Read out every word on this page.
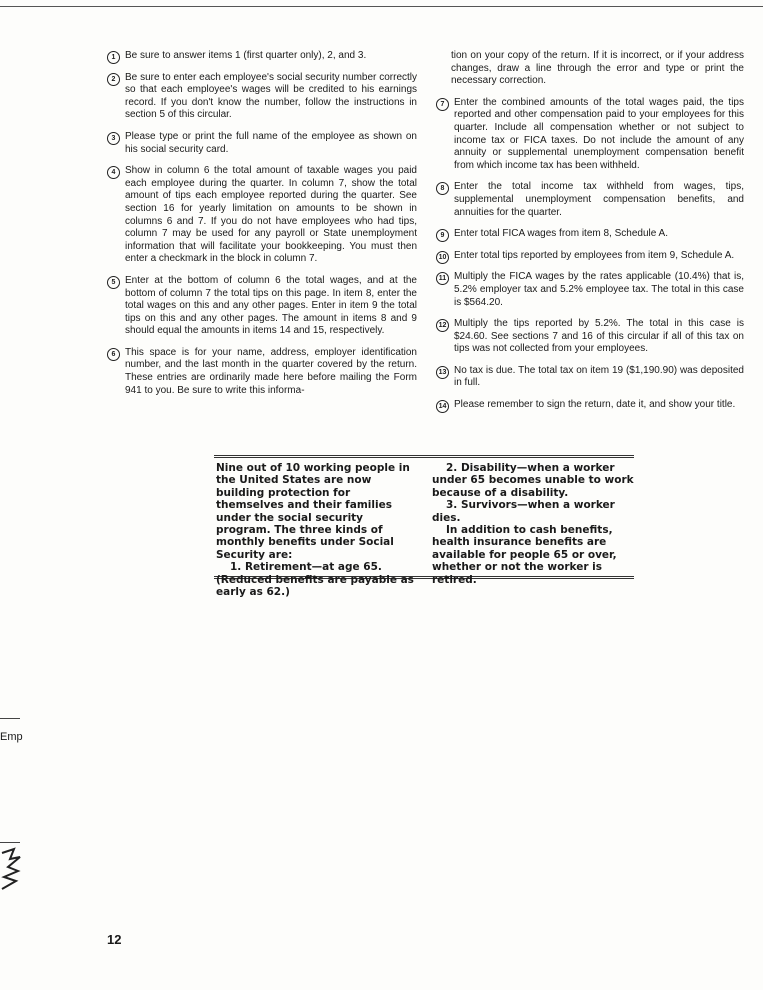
1 Be sure to answer items 1 (first quarter only), 2, and 3.
2 Be sure to enter each employee's social security number correctly so that each employee's wages will be credited to his earnings record. If you don't know the number, follow the instructions in section 5 of this circular.
3 Please type or print the full name of the employee as shown on his social security card.
4 Show in column 6 the total amount of taxable wages you paid each employee during the quarter. In column 7, show the total amount of tips each employee reported during the quarter. See section 16 for yearly limitation on amounts to be shown in columns 6 and 7. If you do not have employees who had tips, column 7 may be used for any payroll or State unemployment information that will facilitate your bookkeeping. You must then enter a checkmark in the block in column 7.
5 Enter at the bottom of column 6 the total wages, and at the bottom of column 7 the total tips on this page. In item 8, enter the total wages on this and any other pages. Enter in item 9 the total tips on this and any other pages. The amount in items 8 and 9 should equal the amounts in items 14 and 15, respectively.
6 This space is for your name, address, employer identification number, and the last month in the quarter covered by the return. These entries are ordinarily made here before mailing the Form 941 to you. Be sure to write this informa-
tion on your copy of the return. If it is incorrect, or if your address changes, draw a line through the error and type or print the necessary correction.
7 Enter the combined amounts of the total wages paid, the tips reported and other compensation paid to your employees for this quarter. Include all compensation whether or not subject to income tax or FICA taxes. Do not include the amount of any annuity or supplemental unemployment compensation benefit from which income tax has been withheld.
8 Enter the total income tax withheld from wages, tips, supplemental unemployment compensation benefits, and annuities for the quarter.
9 Enter total FICA wages from item 8, Schedule A.
10 Enter total tips reported by employees from item 9, Schedule A.
11 Multiply the FICA wages by the rates applicable (10.4%) that is, 5.2% employer tax and 5.2% employee tax. The total in this case is $564.20.
12 Multiply the tips reported by 5.2%. The total in this case is $24.60. See sections 7 and 16 of this circular if all of this tax on tips was not collected from your employees.
13 No tax is due. The total tax on item 19 ($1,190.90) was deposited in full.
14 Please remember to sign the return, date it, and show your title.

Nine out of 10 working people in the United States are now building protection for themselves and their families under the social security program. The three kinds of monthly benefits under Social Security are:

1. Retirement—at age 65. (Reduced benefits are payable as early as 62.)

2. Disability—when a worker under 65 becomes unable to work because of a disability.

3. Survivors—when a worker dies.

In addition to cash benefits, health insurance benefits are available for people 65 or over, whether or not the worker is retired.

Emp
12
